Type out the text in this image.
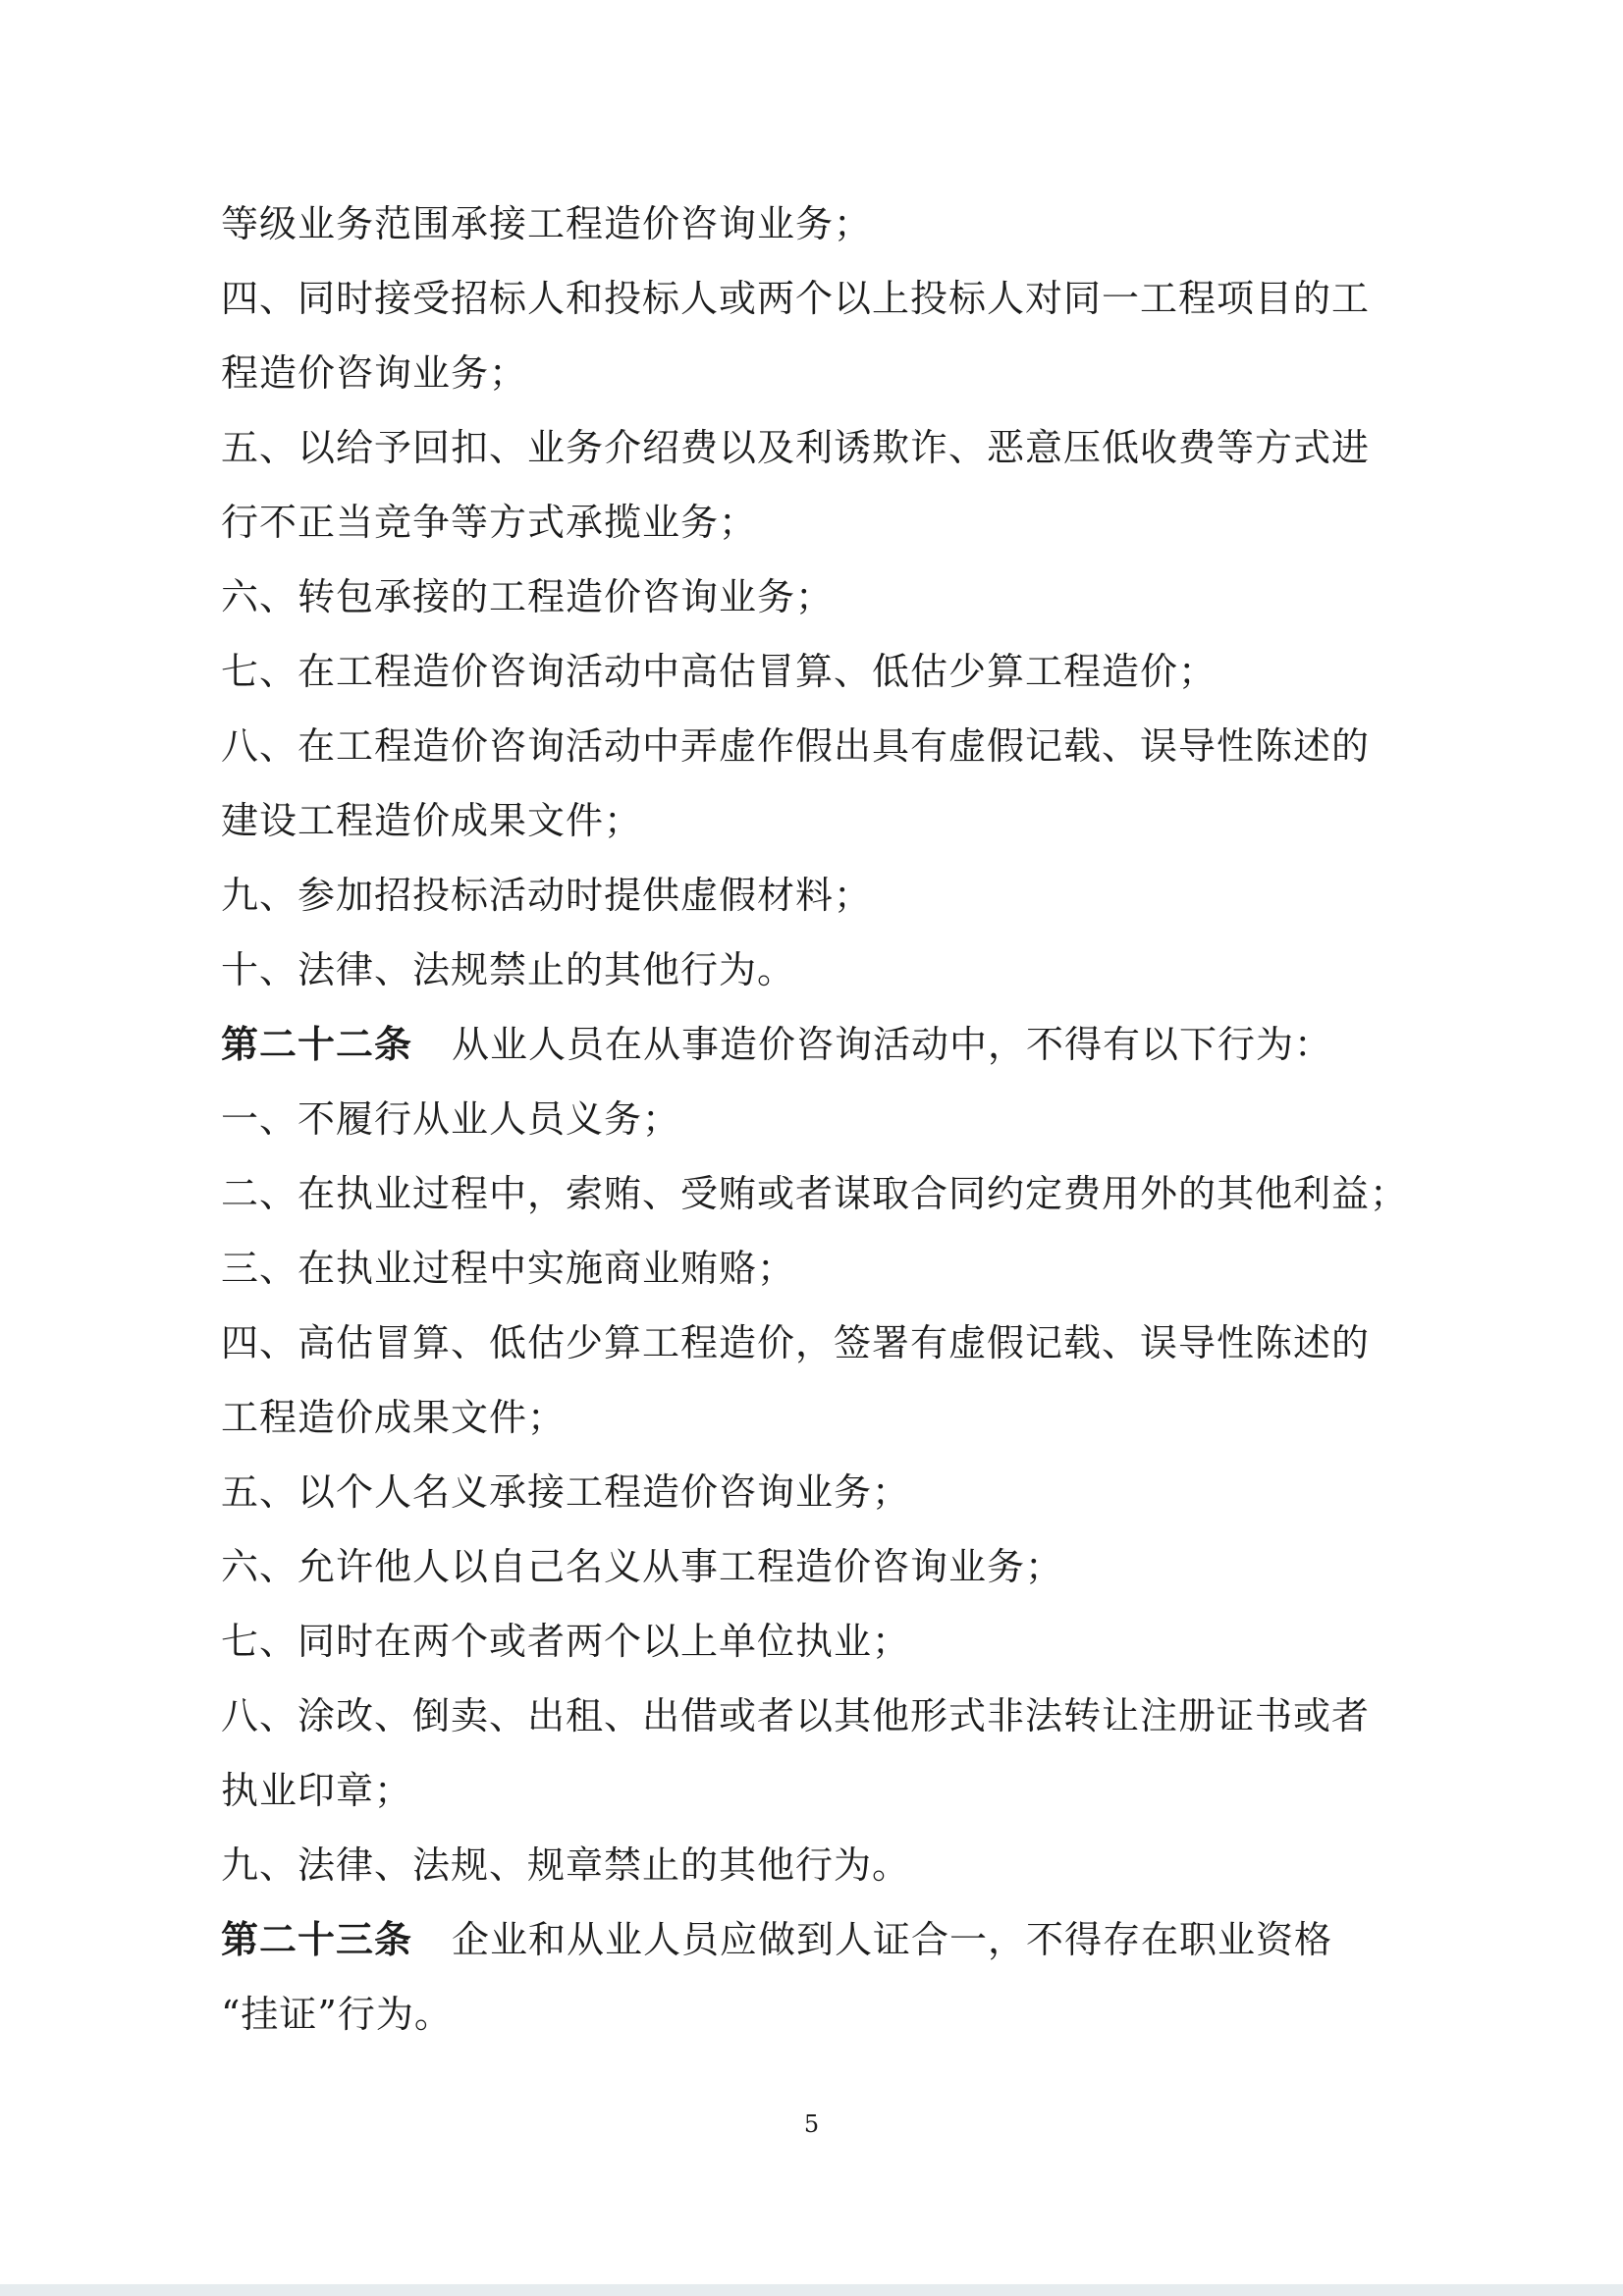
等级业务范围承接工程造价咨询业务；
四、同时接受招标人和投标人或两个以上投标人对同一工程项目的工
程造价咨询业务；
五、以给予回扣、业务介绍费以及利诱欺诈、恶意压低收费等方式进
行不正当竞争等方式承揽业务；
六、转包承接的工程造价咨询业务；
七、在工程造价咨询活动中高估冒算、低估少算工程造价；
八、在工程造价咨询活动中弄虚作假出具有虚假记载、误导性陈述的
建设工程造价成果文件；
九、参加招投标活动时提供虚假材料；
十、法律、法规禁止的其他行为。
第二十二条 从业人员在从事造价咨询活动中，不得有以下行为：
一、不履行从业人员义务；
二、在执业过程中，索贿、受贿或者谋取合同约定费用外的其他利益；
三、在执业过程中实施商业贿赂；
四、高估冒算、低估少算工程造价，签署有虚假记载、误导性陈述的
工程造价成果文件；
五、以个人名义承接工程造价咨询业务；
六、允许他人以自己名义从事工程造价咨询业务；
七、同时在两个或者两个以上单位执业；
八、涂改、倒卖、出租、出借或者以其他形式非法转让注册证书或者
执业印章；
九、法律、法规、规章禁止的其他行为。
第二十三条 企业和从业人员应做到人证合一，不得存在职业资格
“挂证”行为。
5
